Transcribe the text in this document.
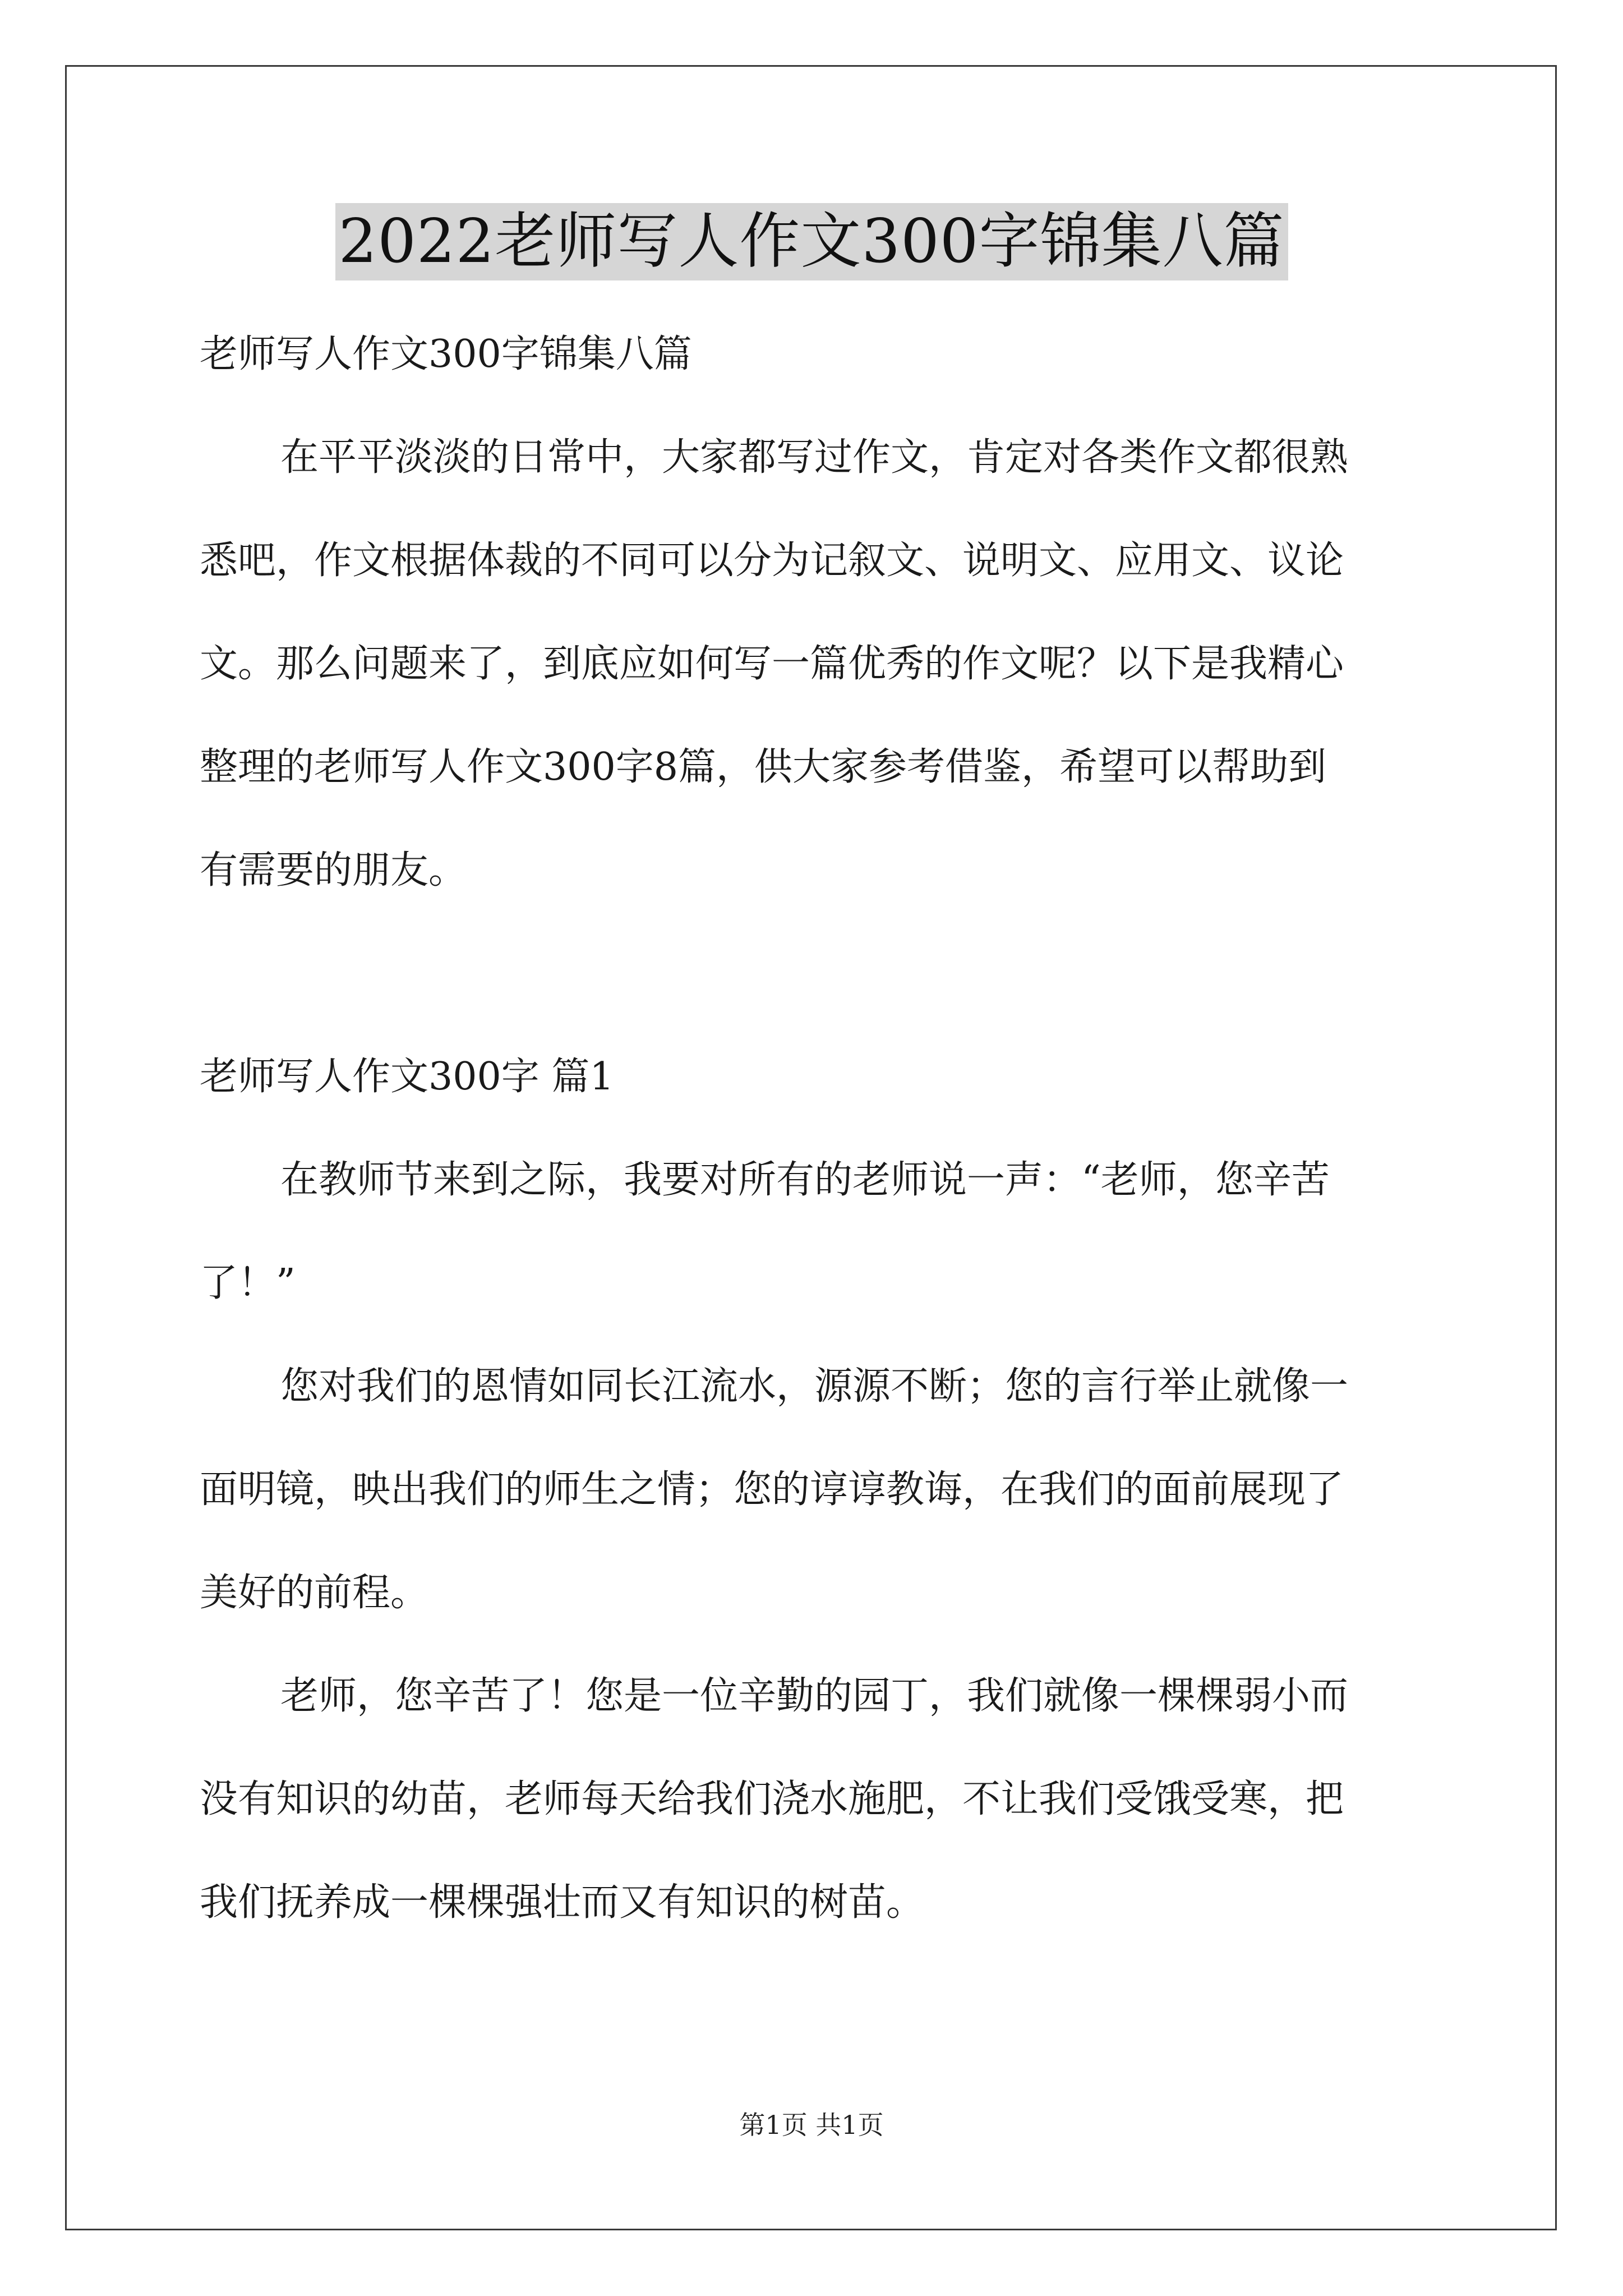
2022老师写人作文300字锦集八篇

老师写人作文300字锦集八篇

在平平淡淡的日常中，大家都写过作文，肯定对各类作文都很熟

悉吧，作文根据体裁的不同可以分为记叙文、说明文、应用文、议论

文。那么问题来了，到底应如何写一篇优秀的作文呢？以下是我精心

整理的老师写人作文300字8篇，供大家参考借鉴，希望可以帮助到

有需要的朋友。

老师写人作文300字 篇1

在教师节来到之际，我要对所有的老师说一声：“老师，您辛苦

了！”

您对我们的恩情如同长江流水，源源不断；您的言行举止就像一

面明镜，映出我们的师生之情；您的谆谆教诲，在我们的面前展现了

美好的前程。

老师，您辛苦了！您是一位辛勤的园丁，我们就像一棵棵弱小而

没有知识的幼苗，老师每天给我们浇水施肥，不让我们受饿受寒，把

我们抚养成一棵棵强壮而又有知识的树苗。

第1页 共1页
